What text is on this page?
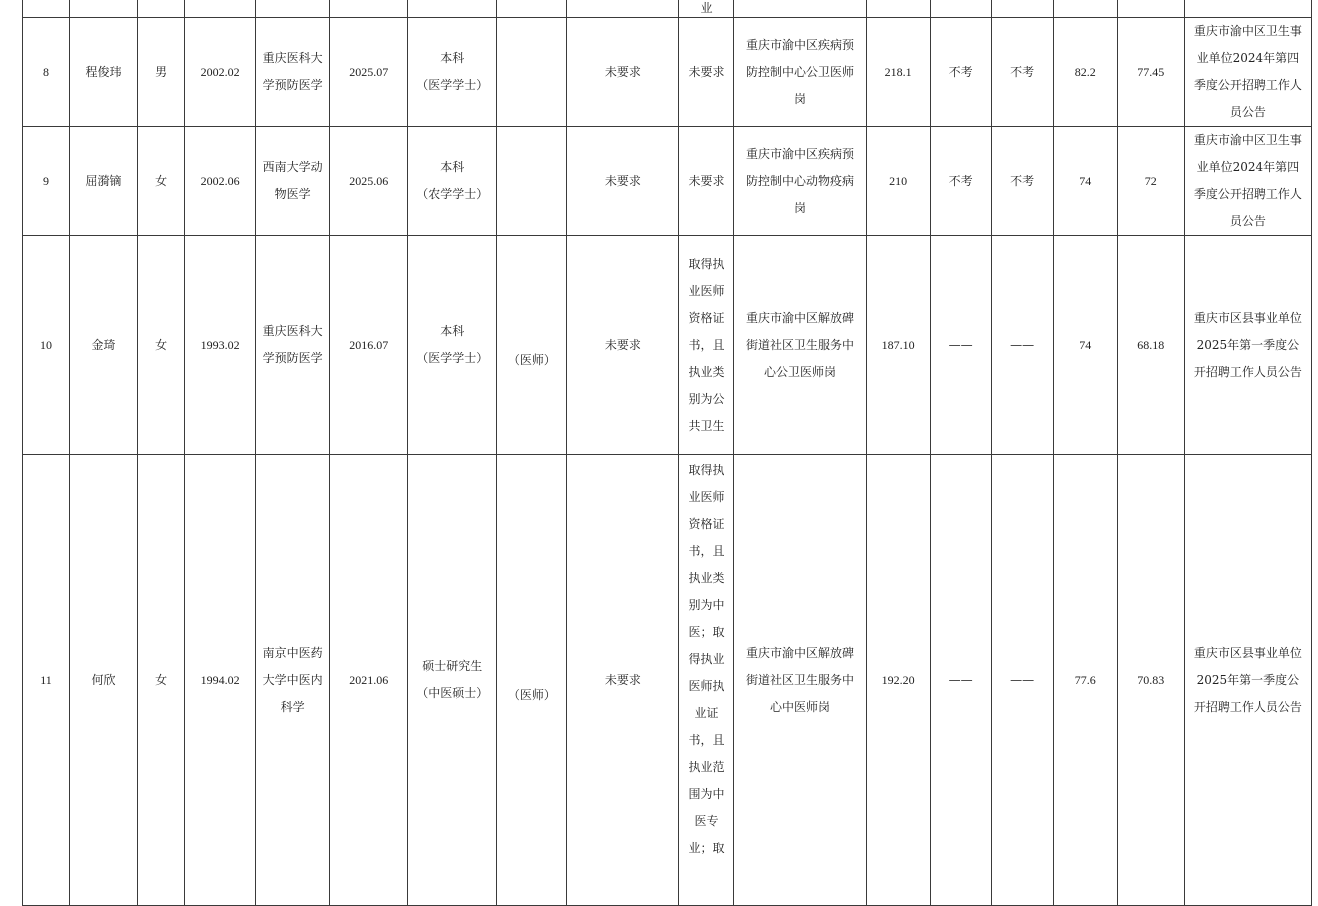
									业							
8	程俊玮	男	2002.02	重庆医科大学预防医学	2025.07	本科
（医学学士）		未要求	未要求	重庆市渝中区疾病预防控制中心公卫医师岗	218.1	不考	不考	82.2	77.45	重庆市渝中区卫生事业单位2024年第四季度公开招聘工作人员公告
9	屈漪镝	女	2002.06	西南大学动物医学	2025.06	本科
（农学学士）		未要求	未要求	重庆市渝中区疾病预防控制中心动物疫病岗	210	不考	不考	74	72	重庆市渝中区卫生事业单位2024年第四季度公开招聘工作人员公告
10	金琦	女	1993.02	重庆医科大学预防医学	2016.07	本科
（医学学士）	（医师）	未要求	取得执业医师资格证书，且执业类别为公共卫生	重庆市渝中区解放碑街道社区卫生服务中心公卫医师岗	187.10	——	——	74	68.18	重庆市区县事业单位2025年第一季度公开招聘工作人员公告
11	何欣	女	1994.02	南京中医药大学中医内科学	2021.06	硕士研究生
（中医硕士）	（医师）	未要求	取得执业医师资格证书，且执业类别为中医；取得执业医师执业证书，且执业范围为中医专业；取	重庆市渝中区解放碑街道社区卫生服务中心中医师岗	192.20	——	——	77.6	70.83	重庆市区县事业单位2025年第一季度公开招聘工作人员公告
